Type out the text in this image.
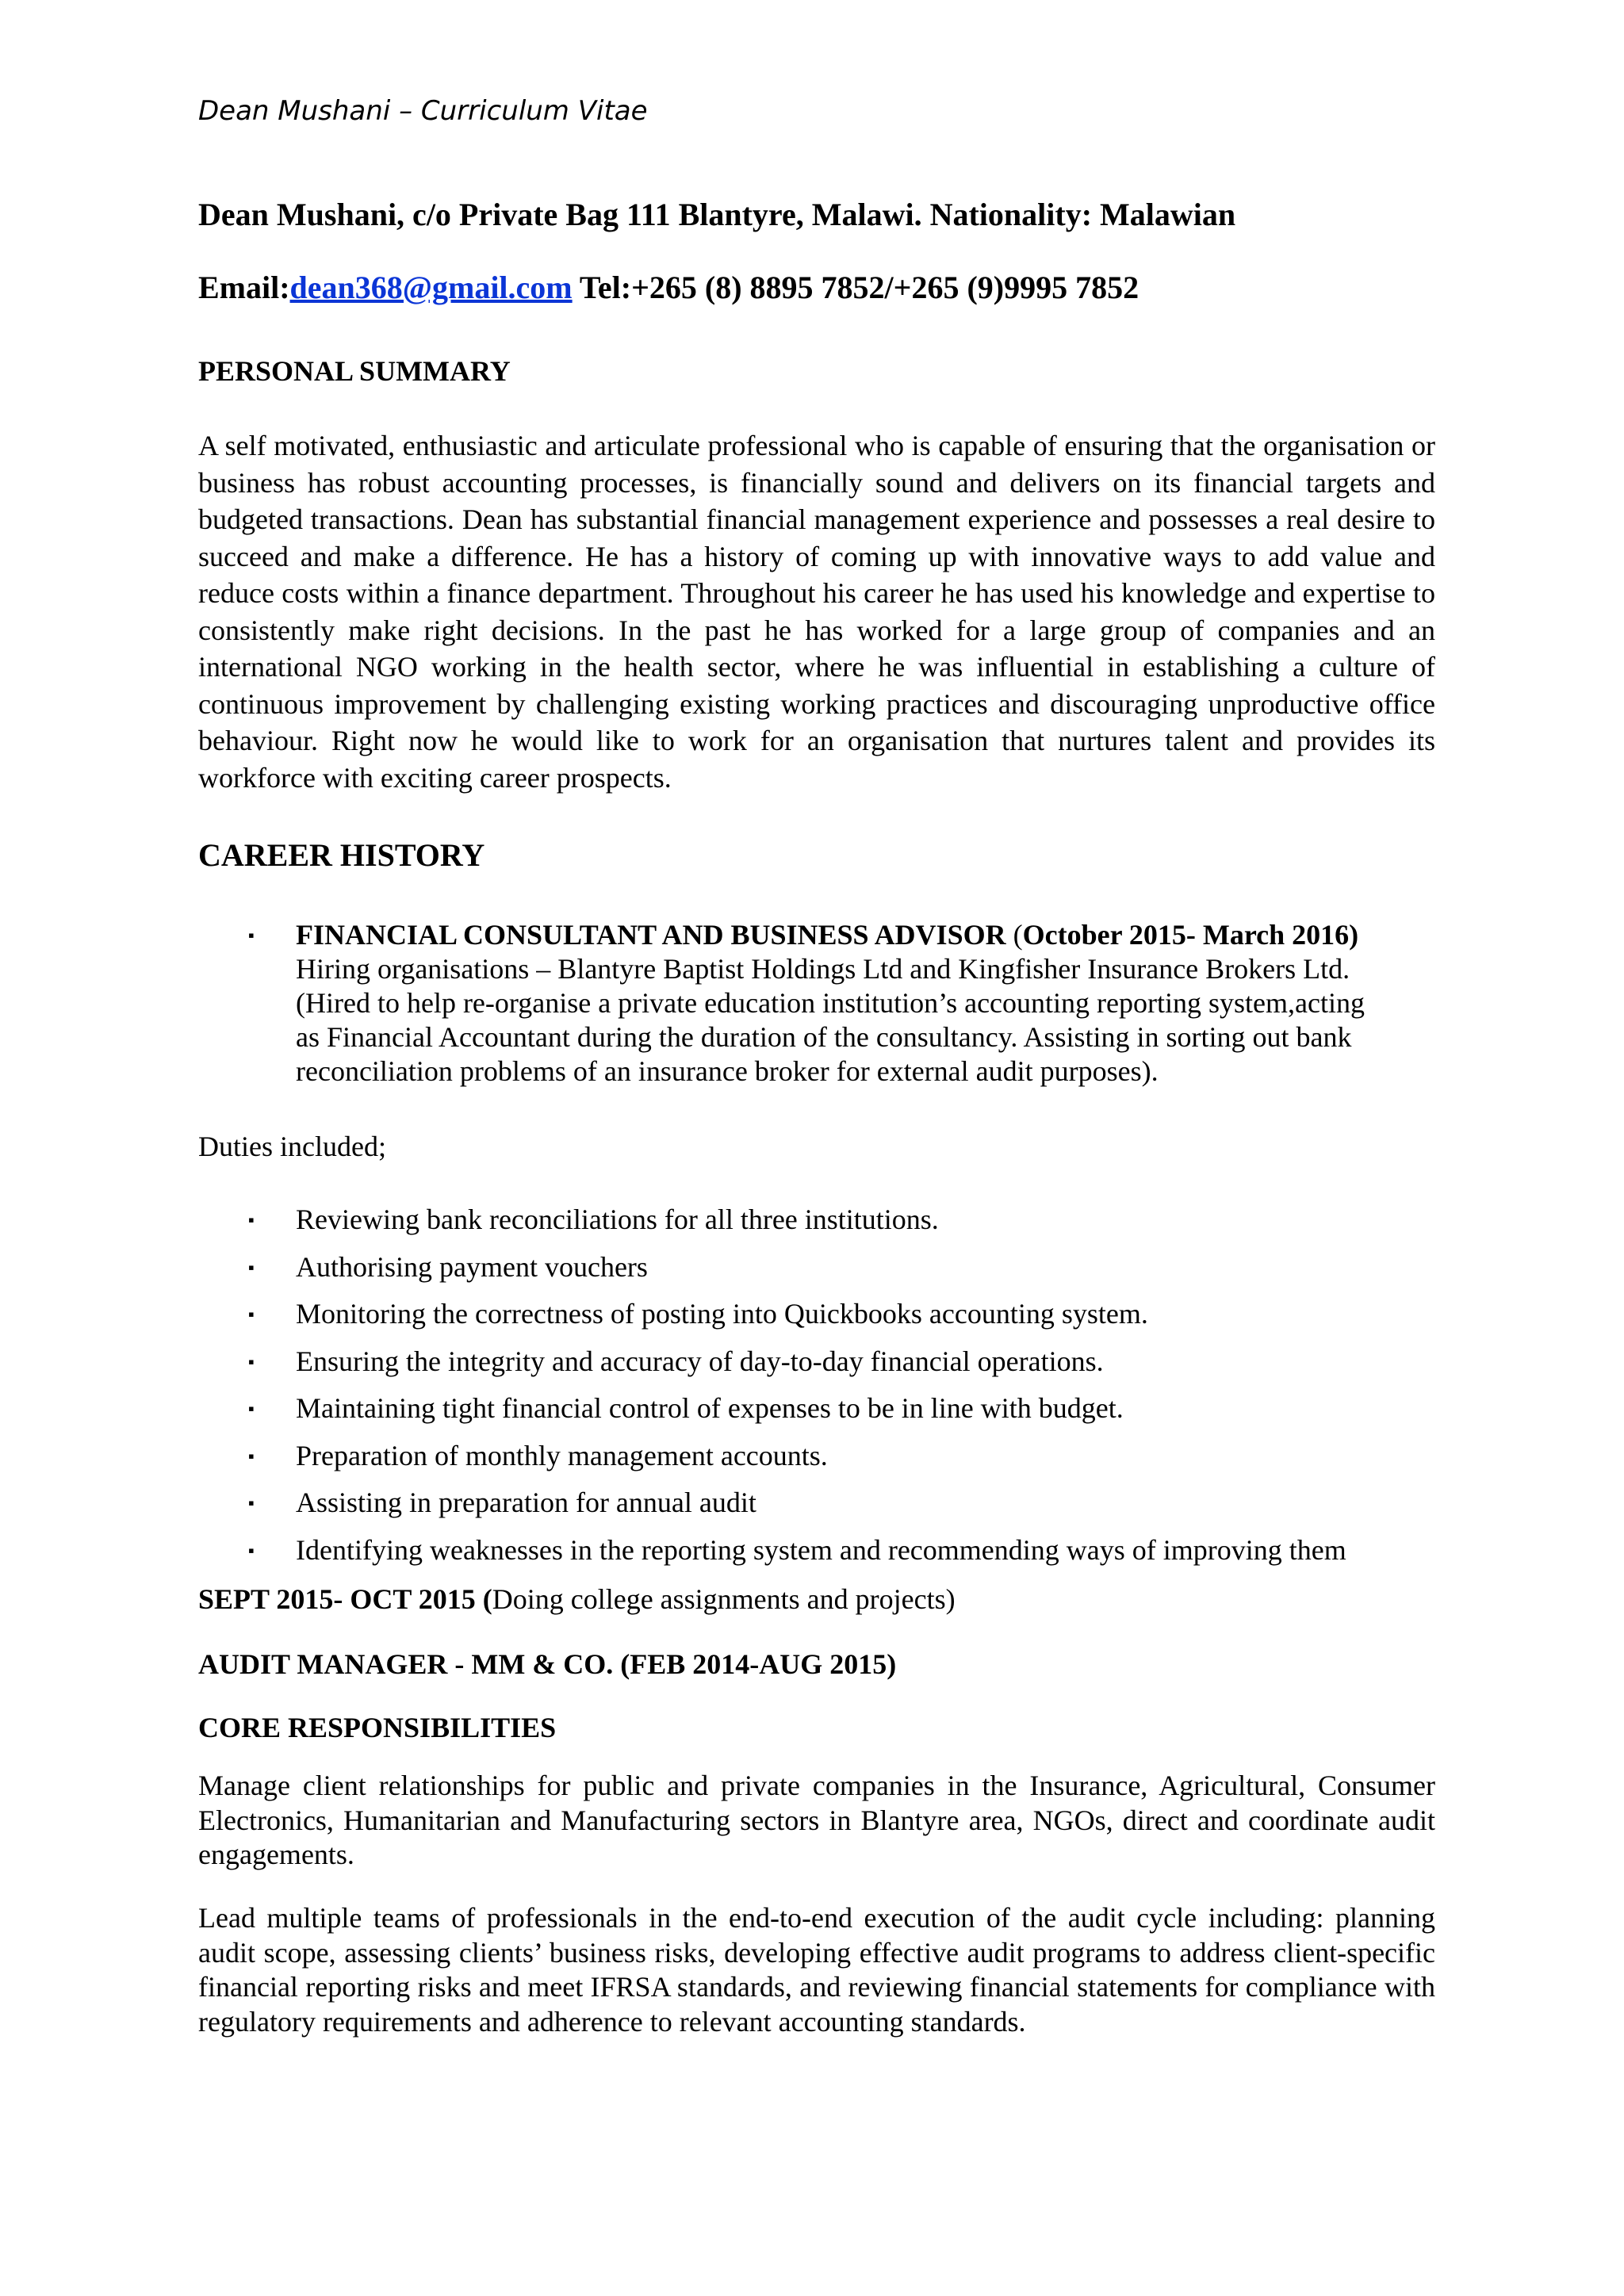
Dean Mushani – Curriculum Vitae
Dean Mushani, c/o Private Bag 111 Blantyre, Malawi. Nationality: Malawian
Email:dean368@gmail.com Tel:+265 (8) 8895 7852/+265 (9)9995 7852
PERSONAL SUMMARY
A self motivated, enthusiastic and articulate professional who is capable of ensuring that the organisation or business has robust accounting processes, is financially sound and delivers on its financial targets and budgeted transactions. Dean has substantial financial management experience and possesses a real desire to succeed and make a difference. He has a history of coming up with innovative ways to add value and reduce costs within a finance department. Throughout his career he has used his knowledge and expertise to consistently make right decisions. In the past he has worked for a large group of companies and an international NGO working in the health sector, where he was influential in establishing a culture of continuous improvement by challenging existing working practices and discouraging unproductive office behaviour. Right now he would like to work for an organisation that nurtures talent and provides its workforce with exciting career prospects.
CAREER HISTORY
▪ FINANCIAL CONSULTANT AND BUSINESS ADVISOR (October 2015- March 2016)
Hiring organisations – Blantyre Baptist Holdings Ltd and Kingfisher Insurance Brokers Ltd.
(Hired to help re-organise a private education institution’s accounting reporting system,acting
as Financial Accountant during the duration of the consultancy. Assisting in sorting out bank
reconciliation problems of an insurance broker for external audit purposes).
Duties included;
▪ Reviewing bank reconciliations for all three institutions.
▪ Authorising payment vouchers
▪ Monitoring the correctness of posting into Quickbooks accounting system.
▪ Ensuring the integrity and accuracy of day-to-day financial operations.
▪ Maintaining tight financial control of expenses to be in line with budget.
▪ Preparation of monthly management accounts.
▪ Assisting in preparation for annual audit
▪ Identifying weaknesses in the reporting system and recommending ways of improving them
SEPT 2015- OCT 2015 (Doing college assignments and projects)
AUDIT MANAGER - MM & CO. (FEB 2014-AUG 2015)
CORE RESPONSIBILITIES
Manage client relationships for public and private companies in the Insurance, Agricultural, Consumer Electronics, Humanitarian and Manufacturing sectors in Blantyre area, NGOs, direct and coordinate audit engagements.
Lead multiple teams of professionals in the end-to-end execution of the audit cycle including: planning audit scope, assessing clients’ business risks, developing effective audit programs to address client-specific financial reporting risks and meet IFRSA standards, and reviewing financial statements for compliance with regulatory requirements and adherence to relevant accounting standards.
